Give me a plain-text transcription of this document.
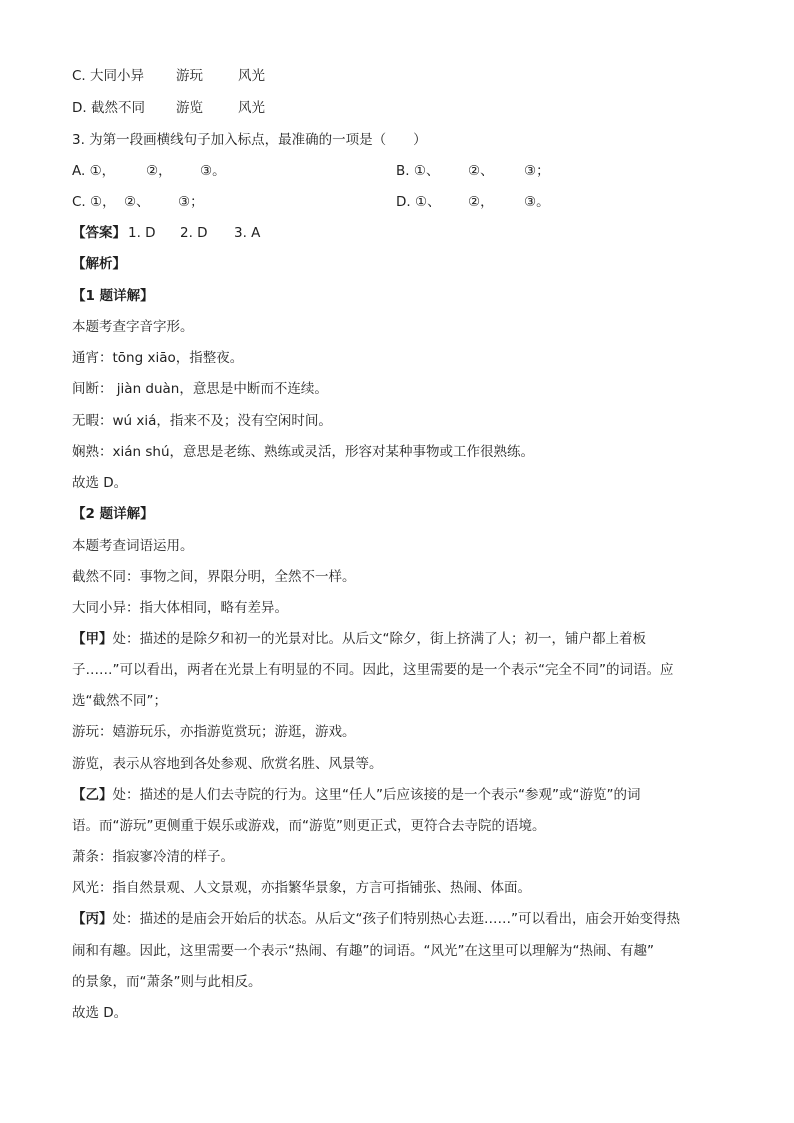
C. 大同小异 游玩	风光
D. 截然不同 游览	风光
3. 为第一段画横线句子加入标点，最准确的一项是（　　）
A. ①， ②， ③。	B. ①、 ②、 ③；
C. ①， ②、 ③；	D. ①、 ②， ③。
【答案】 1. D 2. D 3. A
【解析】
【1 题详解】
本题考查字音字形。
通宵：tōng xiāo，指整夜。
间断： jiàn duàn，意思是中断而不连续。
无暇：wú xiá，指来不及；没有空闲时间。
娴熟：xián shú，意思是老练、熟练或灵活，形容对某种事物或工作很熟练。
故选 D。
【2 题详解】
本题考查词语运用。
截然不同：事物之间，界限分明，全然不一样。
大同小异：指大体相同，略有差异。
【甲】处：描述的是除夕和初一的光景对比。从后文“除夕，街上挤满了人；初一，铺户都上着板
子……”可以看出，两者在光景上有明显的不同。因此，这里需要的是一个表示“完全不同”的词语。应
选“截然不同”；
游玩：嬉游玩乐，亦指游览赏玩；游逛，游戏。
游览，表示从容地到各处参观、欣赏名胜、风景等。
【乙】处：描述的是人们去寺院的行为。这里“任人”后应该接的是一个表示“参观”或“游览”的词
语。而“游玩”更侧重于娱乐或游戏，而“游览”则更正式，更符合去寺院的语境。
萧条：指寂寥冷清的样子。
风光：指自然景观、人文景观，亦指繁华景象，方言可指铺张、热闹、体面。
【丙】处：描述的是庙会开始后的状态。从后文“孩子们特别热心去逛……”可以看出，庙会开始变得热
闹和有趣。因此，这里需要一个表示“热闹、有趣”的词语。“风光”在这里可以理解为“热闹、有趣”
的景象，而“萧条”则与此相反。
故选 D。
